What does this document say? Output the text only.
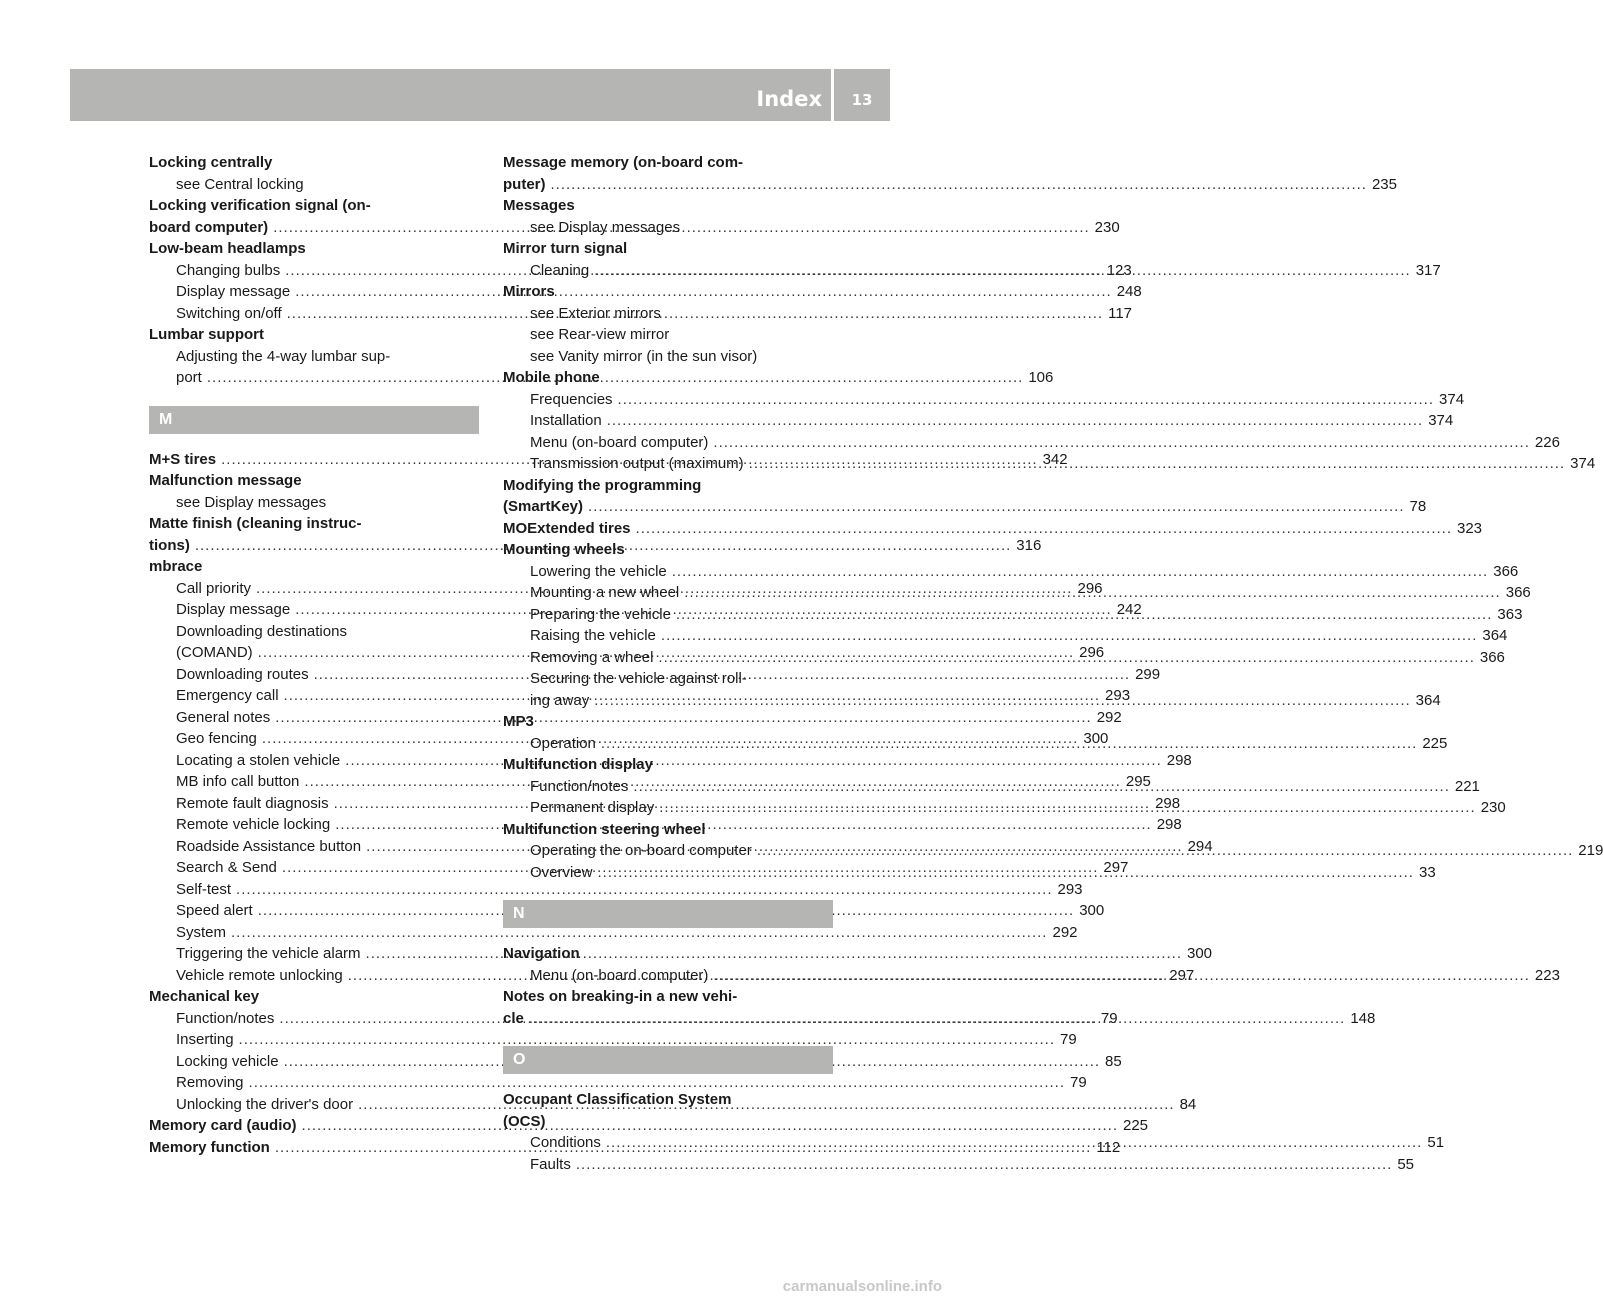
Index	13
Locking centrally
see Central locking
Locking verification signal (on-
board computer) .....	230
Low-beam headlamps
Changing bulbs .....	123
Display message .....	248
Switching on/off .....	117
Lumbar support
Adjusting the 4-way lumbar sup-
port .....	106
M
M+S tires .....	342
Malfunction message
see Display messages
Matte finish (cleaning instruc-
tions) .....	316
mbrace
Call priority .....	296
Display message .....	242
Downloading destinations
(COMAND) .....	296
Downloading routes .....	299
Emergency call .....	293
General notes .....	292
Geo fencing .....	300
Locating a stolen vehicle .....	298
MB info call button .....	295
Remote fault diagnosis .....	298
Remote vehicle locking .....	298
Roadside Assistance button .....	294
Search & Send .....	297
Self-test .....	293
Speed alert .....	300
System .....	292
Triggering the vehicle alarm .....	300
Vehicle remote unlocking .....	297
Mechanical key
Function/notes .....	79
Inserting .....	79
Locking vehicle .....	85
Removing .....	79
Unlocking the driver's door .....	84
Memory card (audio) .....	225
Memory function .....	112
Message memory (on-board com-
puter) .....	235
Messages
see Display messages
Mirror turn signal
Cleaning .....	317
Mirrors
see Exterior mirrors
see Rear-view mirror
see Vanity mirror (in the sun visor)
Mobile phone
Frequencies .....	374
Installation .....	374
Menu (on-board computer) .....	226
Transmission output (maximum) .....	374
Modifying the programming
(SmartKey) .....	78
MOExtended tires .....	323
Mounting wheels
Lowering the vehicle .....	366
Mounting a new wheel .....	366
Preparing the vehicle .....	363
Raising the vehicle .....	364
Removing a wheel .....	366
Securing the vehicle against roll-
ing away .....	364
MP3
Operation .....	225
Multifunction display
Function/notes .....	221
Permanent display .....	230
Multifunction steering wheel
Operating the on-board computer .....	219
Overview .....	33
N
Navigation
Menu (on-board computer) .....	223
Notes on breaking-in a new vehi-
cle .....	148
O
Occupant Classification System
(OCS)
Conditions .....	51
Faults .....	55
carmanualsonline.info
